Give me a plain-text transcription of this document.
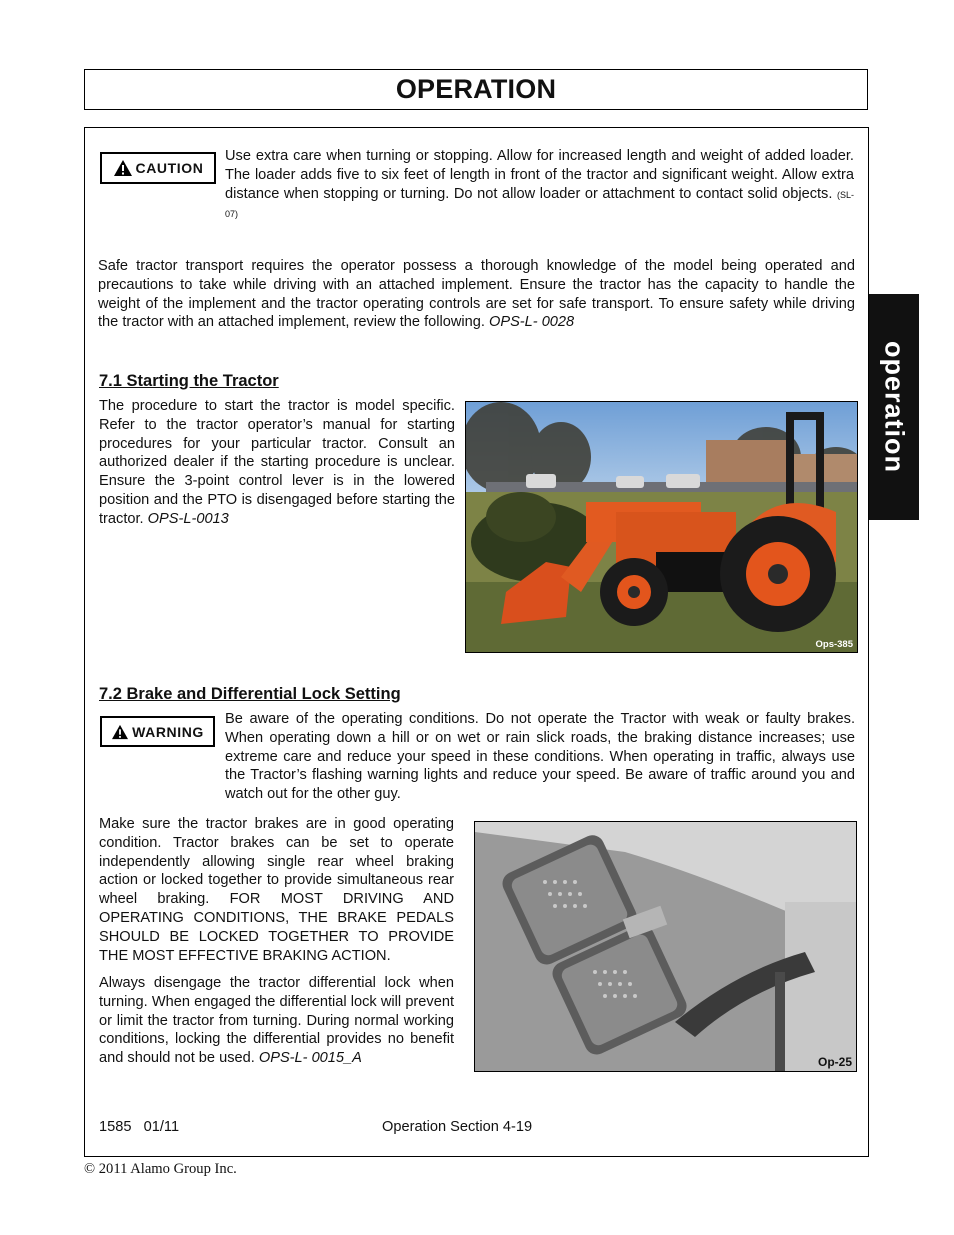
OPERATION
operation
CAUTION

Use extra care when turning or stopping. Allow for increased length and weight of added loader. The loader adds five to six feet of length in front of the tractor and significant weight. Allow extra distance when stopping or turning. Do not allow loader or attachment to contact solid objects. (SL-07)

Safe tractor transport requires the operator possess a thorough knowledge of the model being operated and precautions to take while driving with an attached implement. Ensure the tractor has the capacity to handle the weight of the implement and the tractor operating controls are set for safe transport. To ensure safety while driving the tractor with an attached implement, review the following. OPS-L- 0028

7.1 Starting the Tractor

The procedure to start the tractor is model specific. Refer to the tractor operator’s manual for starting procedures for your particular tractor. Consult an authorized dealer if the starting procedure is unclear. Ensure the 3-point control lever is in the lowered position and the PTO is disengaged before starting the tractor. OPS-L-0013

Ops-385
7.2 Brake and Differential Lock Setting
WARNING

Be aware of the operating conditions. Do not operate the Tractor with weak or faulty brakes. When operating down a hill or on wet or rain slick roads, the braking distance increases; use extreme care and reduce your speed in these conditions. When operating in traffic, always use the Tractor’s flashing warning lights and reduce your speed. Be aware of traffic around you and watch out for the other guy.

Make sure the tractor brakes are in good operating condition. Tractor brakes can be set to operate independently allowing single rear wheel braking action or locked together to provide simultaneous rear wheel braking. FOR MOST DRIVING AND OPERATING CONDITIONS, THE BRAKE PEDALS SHOULD BE LOCKED TOGETHER TO PROVIDE THE MOST EFFECTIVE BRAKING ACTION.

Always disengage the tractor differential lock when turning. When engaged the differential lock will prevent or limit the tractor from turning. During normal working conditions, locking the differential provides no benefit and should not be used. OPS-L- 0015_A	Op-25
1585   01/11	Operation Section 4-19
© 2011 Alamo Group Inc.
